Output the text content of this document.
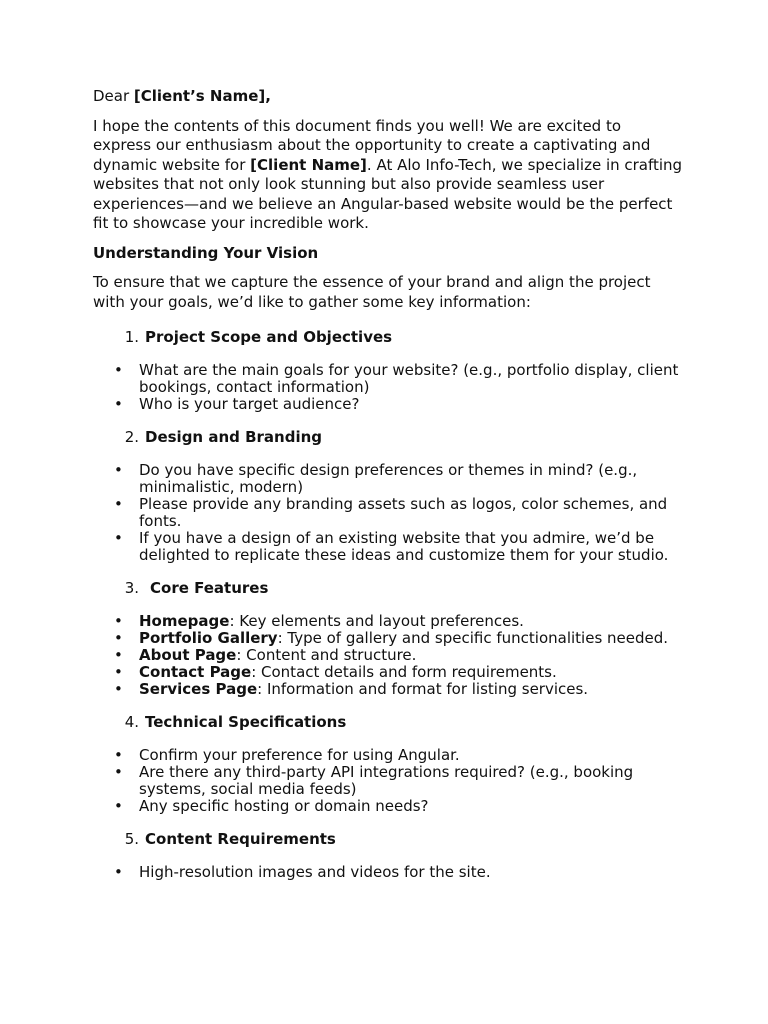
Dear [Client’s Name],

I hope the contents of this document finds you well! We are excited to express our enthusiasm about the opportunity to create a captivating and dynamic website for [Client Name]. At Alo Info-Tech, we specialize in crafting websites that not only look stunning but also provide seamless user experiences—and we believe an Angular-based website would be the perfect fit to showcase your incredible work.

Understanding Your Vision

To ensure that we capture the essence of your brand and align the project with your goals, we’d like to gather some key information:

1. Project Scope and Objectives
• What are the main goals for your website? (e.g., portfolio display, client bookings, contact information)
• Who is your target audience?
2. Design and Branding
• Do you have specific design preferences or themes in mind? (e.g., minimalistic, modern)
• Please provide any branding assets such as logos, color schemes, and fonts.
• If you have a design of an existing website that you admire, we’d be delighted to replicate these ideas and customize them for your studio.
3. Core Features
• Homepage: Key elements and layout preferences.
• Portfolio Gallery: Type of gallery and specific functionalities needed.
• About Page: Content and structure.
• Contact Page: Contact details and form requirements.
• Services Page: Information and format for listing services.
4. Technical Specifications
• Confirm your preference for using Angular.
• Are there any third-party API integrations required? (e.g., booking systems, social media feeds)
• Any specific hosting or domain needs?
5. Content Requirements
• High-resolution images and videos for the site.
